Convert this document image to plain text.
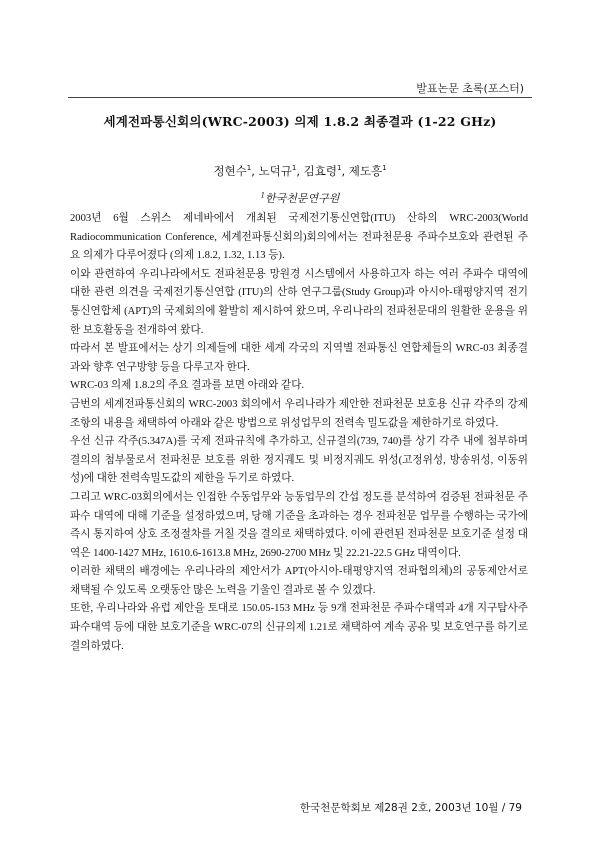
발표논문 초록(포스터)
세계전파통신회의(WRC-2003) 의제 1.8.2 최종결과 (1-22 GHz)
정현수$^1$, 노덕규$^1$, 김효령$^1$, 제도흥$^1$
$^1$한국천문연구원

2003년 6월 스위스 제네바에서 개최된 국제전기통신연합(ITU) 산하의 WRC-2003(World Radiocommunication Conference, 세계전파통신회의)회의에서는 전파천문용 주파수보호와 관련된 주요 의제가 다루어졌다 (의제 1.8.2, 1.32, 1.13 등).

이와 관련하여 우리나라에서도 전파천문용 망원경 시스템에서 사용하고자 하는 여러 주파수 대역에 대한 관련 의견을 국제전기통신연합 (ITU)의 산하 연구그룹(Study Group)과 아시아-태평양지역 전기통신연합체 (APT)의 국제회의에 활발히 제시하여 왔으며, 우리나라의 전파천문대의 원활한 운용을 위한 보호활동을 전개하여 왔다.

따라서 본 발표에서는 상기 의제들에 대한 세계 각국의 지역별 전파통신 연합체들의 WRC-03 최종결과와 향후 연구방향 등을 다루고자 한다.

WRC-03 의제 1.8.2의 주요 결과를 보면 아래와 같다.

금번의 세계전파통신회의 WRC-2003 회의에서 우리나라가 제안한 전파천문 보호용 신규 각주의 강제조항의 내용을 채택하여 아래와 같은 방법으로 위성업무의 전력속 밀도값을 제한하기로 하였다.

우선 신규 각주(5.347A)를 국제 전파규칙에 추가하고, 신규결의(739, 740)를 상기 각주 내에 첨부하며 결의의 첨부물로서 전파천문 보호를 위한 정지궤도 및 비정지궤도 위성(고정위성, 방송위성, 이동위성)에 대한 전력속밀도값의 제한을 두기로 하였다.

그리고 WRC-03회의에서는 인접한 수동업무와 능동업무의 간섭 정도를 분석하여 검증된 전파천문 주파수 대역에 대해 기준을 설정하였으며, 당해 기준을 초과하는 경우 전파천문 업무를 수행하는 국가에 즉시 통지하여 상호 조정절차를 거칠 것을 결의로 채택하였다. 이에 관련된 전파천문 보호기준 설정 대역은 1400-1427 MHz, 1610.6-1613.8 MHz, 2690-2700 MHz 및 22.21-22.5 GHz 대역이다.

이러한 채택의 배경에는 우리나라의 제안서가 APT(아시아-태평양지역 전파협의체)의 공동제안서로 채택될 수 있도록 오랫동안 많은 노력을 기울인 결과로 볼 수 있겠다.

또한, 우리나라와 유럽 제안을 토대로 150.05-153 MHz 등 9개 전파천문 주파수대역과 4개 지구탐사주파수대역 등에 대한 보호기준을 WRC-07의 신규의제 1.21로 채택하여 계속 공유 및 보호연구를 하기로 결의하였다.

한국천문학회보 제28권 2호, 2003년 10월 / 79
